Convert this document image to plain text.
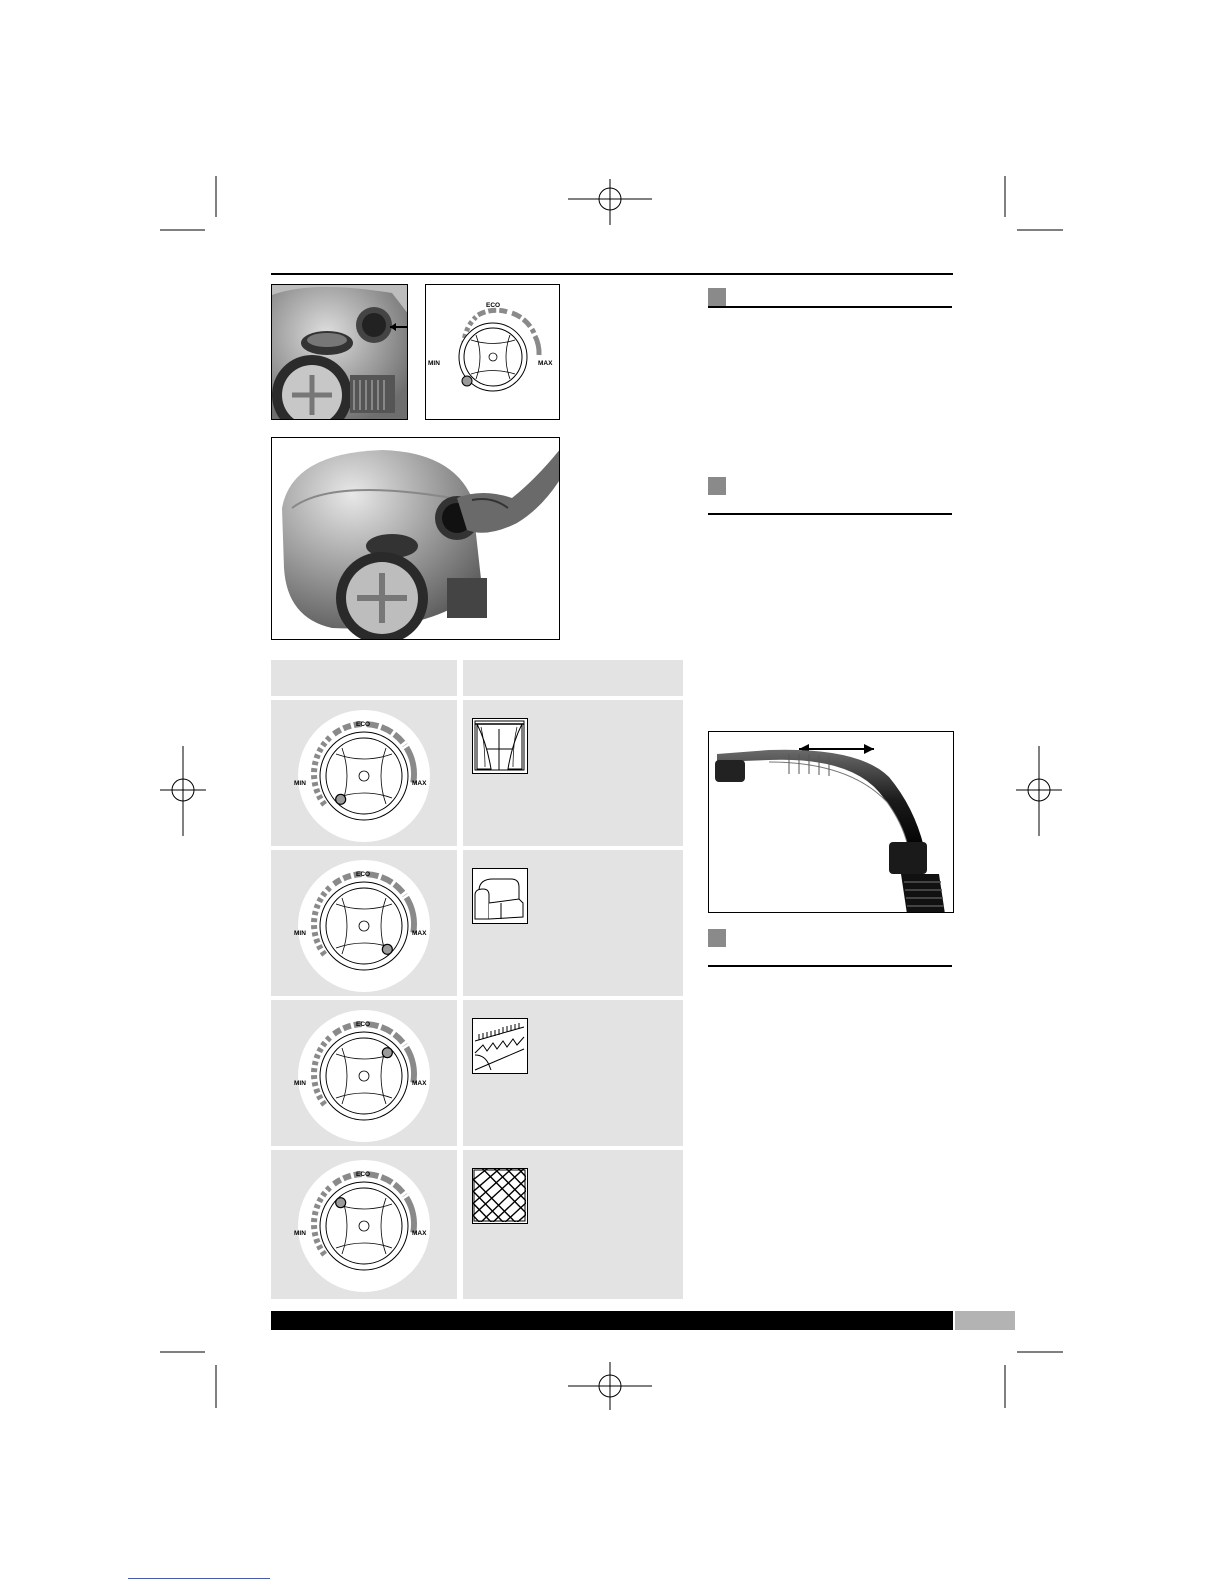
ECO
MIN	MAX
ECO
MIN	MAX
ECO
MIN	MAX
ECO
MIN	MAX
ECO
MIN	MAX
